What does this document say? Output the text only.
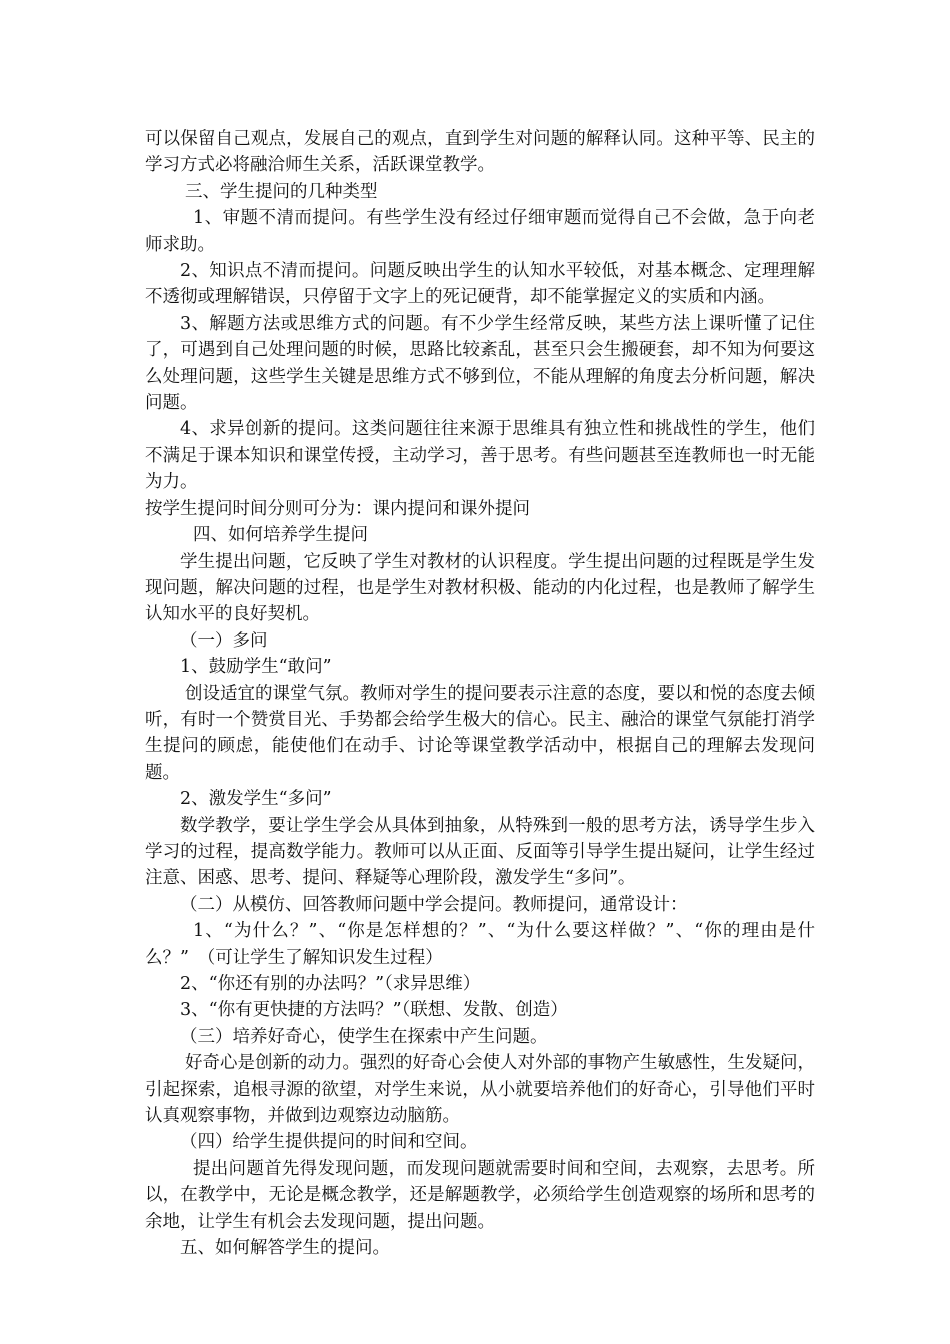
可以保留自己观点，发展自己的观点，直到学生对问题的解释认同。这种平等、民主的学习方式必将融洽师生关系，活跃课堂教学。

三、学生提问的几种类型

1、审题不清而提问。有些学生没有经过仔细审题而觉得自己不会做，急于向老师求助。

2、知识点不清而提问。问题反映出学生的认知水平较低，对基本概念、定理理解不透彻或理解错误，只停留于文字上的死记硬背，却不能掌握定义的实质和内涵。

3、解题方法或思维方式的问题。有不少学生经常反映，某些方法上课听懂了记住了，可遇到自己处理问题的时候，思路比较紊乱，甚至只会生搬硬套，却不知为何要这么处理问题，这些学生关键是思维方式不够到位，不能从理解的角度去分析问题，解决问题。

4、求异创新的提问。这类问题往往来源于思维具有独立性和挑战性的学生，他们不满足于课本知识和课堂传授，主动学习，善于思考。有些问题甚至连教师也一时无能为力。

按学生提问时间分则可分为：课内提问和课外提问

四、如何培养学生提问

学生提出问题，它反映了学生对教材的认识程度。学生提出问题的过程既是学生发现问题，解决问题的过程，也是学生对教材积极、能动的内化过程，也是教师了解学生认知水平的良好契机。

（一）多问

1、鼓励学生“敢问”

创设适宜的课堂气氛。教师对学生的提问要表示注意的态度，要以和悦的态度去倾听，有时一个赞赏目光、手势都会给学生极大的信心。民主、融洽的课堂气氛能打消学生提问的顾虑，能使他们在动手、讨论等课堂教学活动中，根据自己的理解去发现问题。

2、激发学生“多问”

数学教学，要让学生学会从具体到抽象，从特殊到一般的思考方法，诱导学生步入学习的过程，提高数学能力。教师可以从正面、反面等引导学生提出疑问，让学生经过注意、困惑、思考、提问、释疑等心理阶段，激发学生“多问”。

（二）从模仿、回答教师问题中学会提问。教师提问，通常设计：

1、“为什么？”、“你是怎样想的？”、“为什么要这样做？”、“你的理由是什么？”　（可让学生了解知识发生过程）

2、“你还有别的办法吗？”（求异思维）

3、“你有更快捷的方法吗？”（联想、发散、创造）

（三）培养好奇心，使学生在探索中产生问题。

好奇心是创新的动力。强烈的好奇心会使人对外部的事物产生敏感性，生发疑问，引起探索，追根寻源的欲望，对学生来说，从小就要培养他们的好奇心，引导他们平时认真观察事物，并做到边观察边动脑筋。

（四）给学生提供提问的时间和空间。

提出问题首先得发现问题，而发现问题就需要时间和空间，去观察，去思考。所以，在教学中，无论是概念教学，还是解题教学，必须给学生创造观察的场所和思考的余地，让学生有机会去发现问题，提出问题。

五、如何解答学生的提问。
